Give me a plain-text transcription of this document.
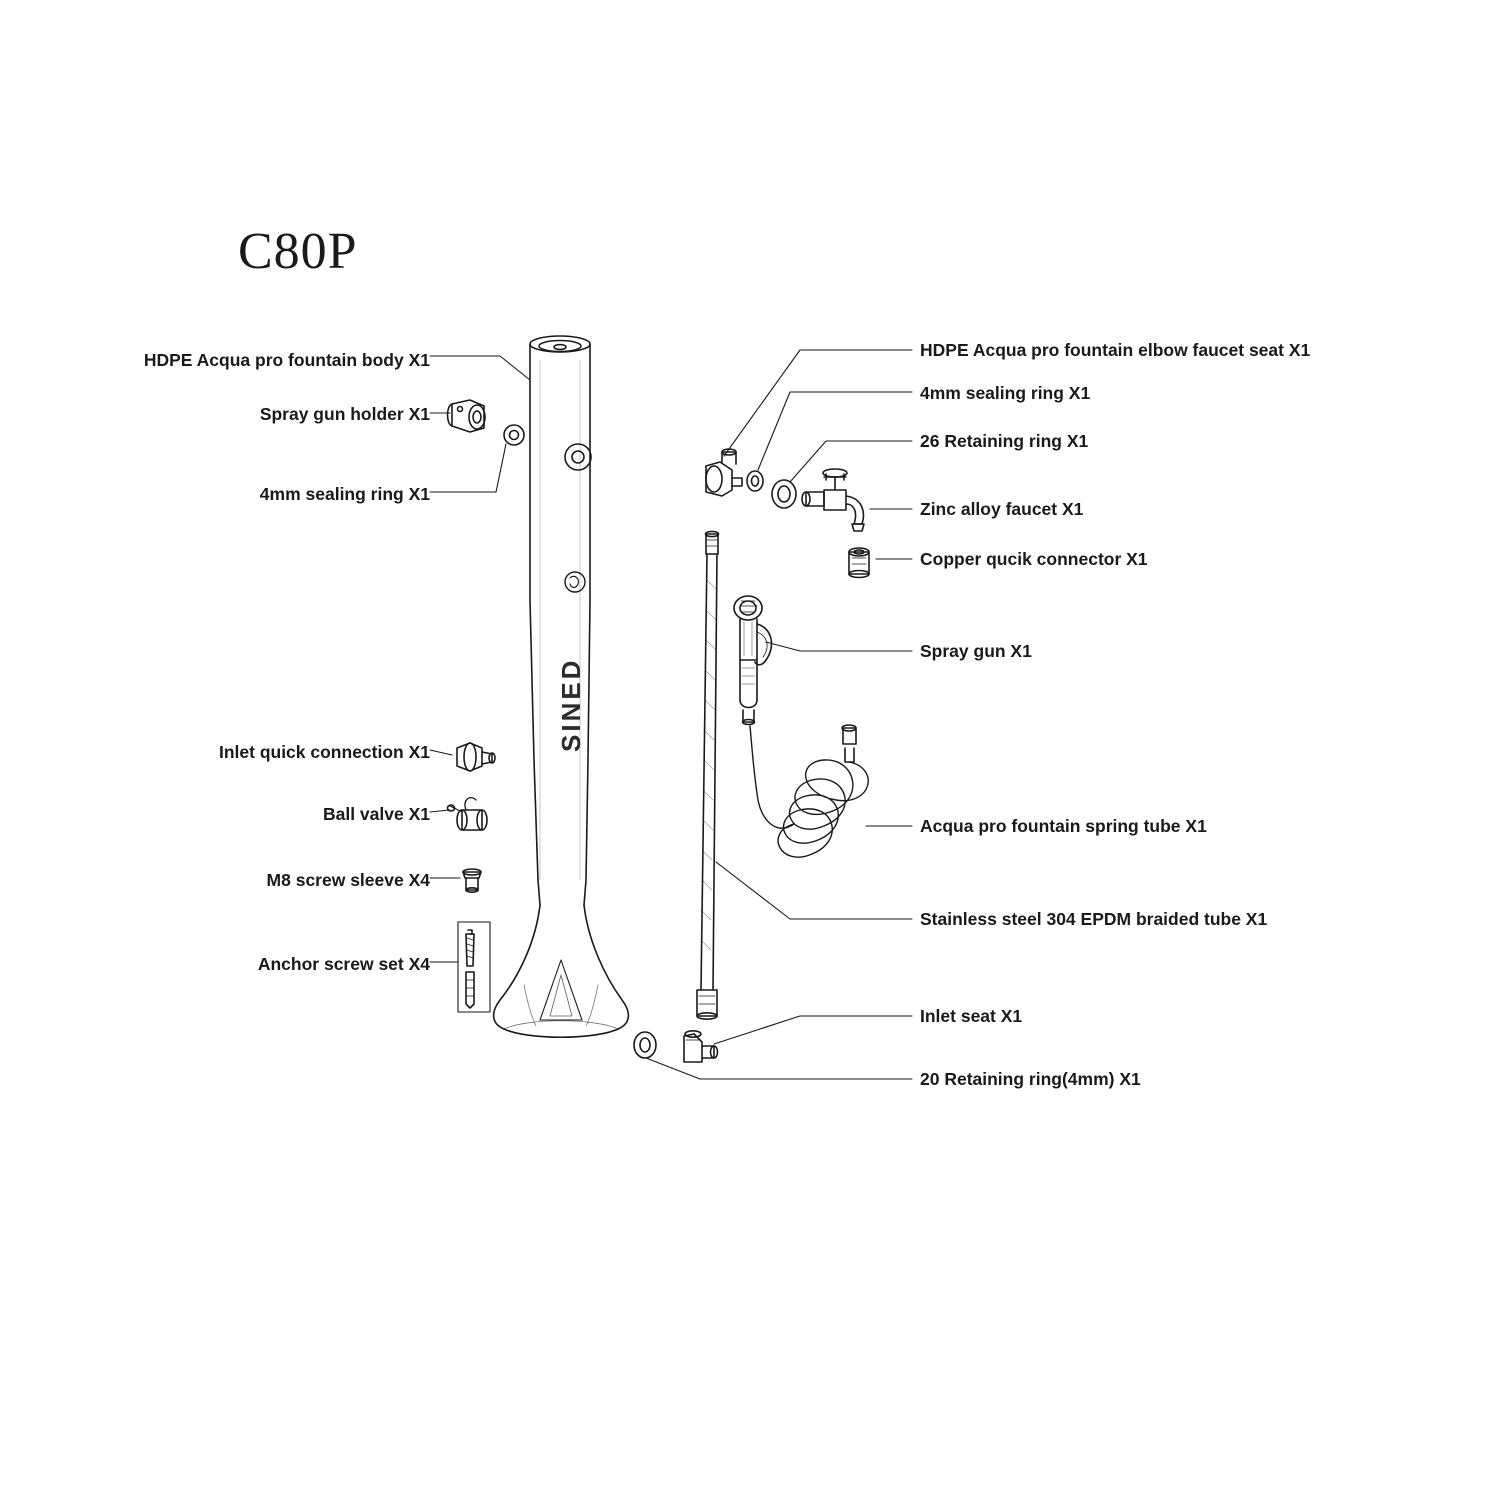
C80P
SINED
HDPE Acqua pro fountain body X1
Spray gun holder X1
4mm sealing ring X1
Inlet quick connection X1
Ball valve X1
M8 screw sleeve X4
Anchor screw set X4
HDPE Acqua pro fountain elbow faucet seat X1
4mm sealing ring X1
26 Retaining ring X1
Zinc alloy faucet X1
Copper qucik connector X1
Spray gun X1
Acqua pro fountain spring tube X1
Stainless steel 304 EPDM braided tube X1
Inlet seat X1
20 Retaining ring(4mm) X1
